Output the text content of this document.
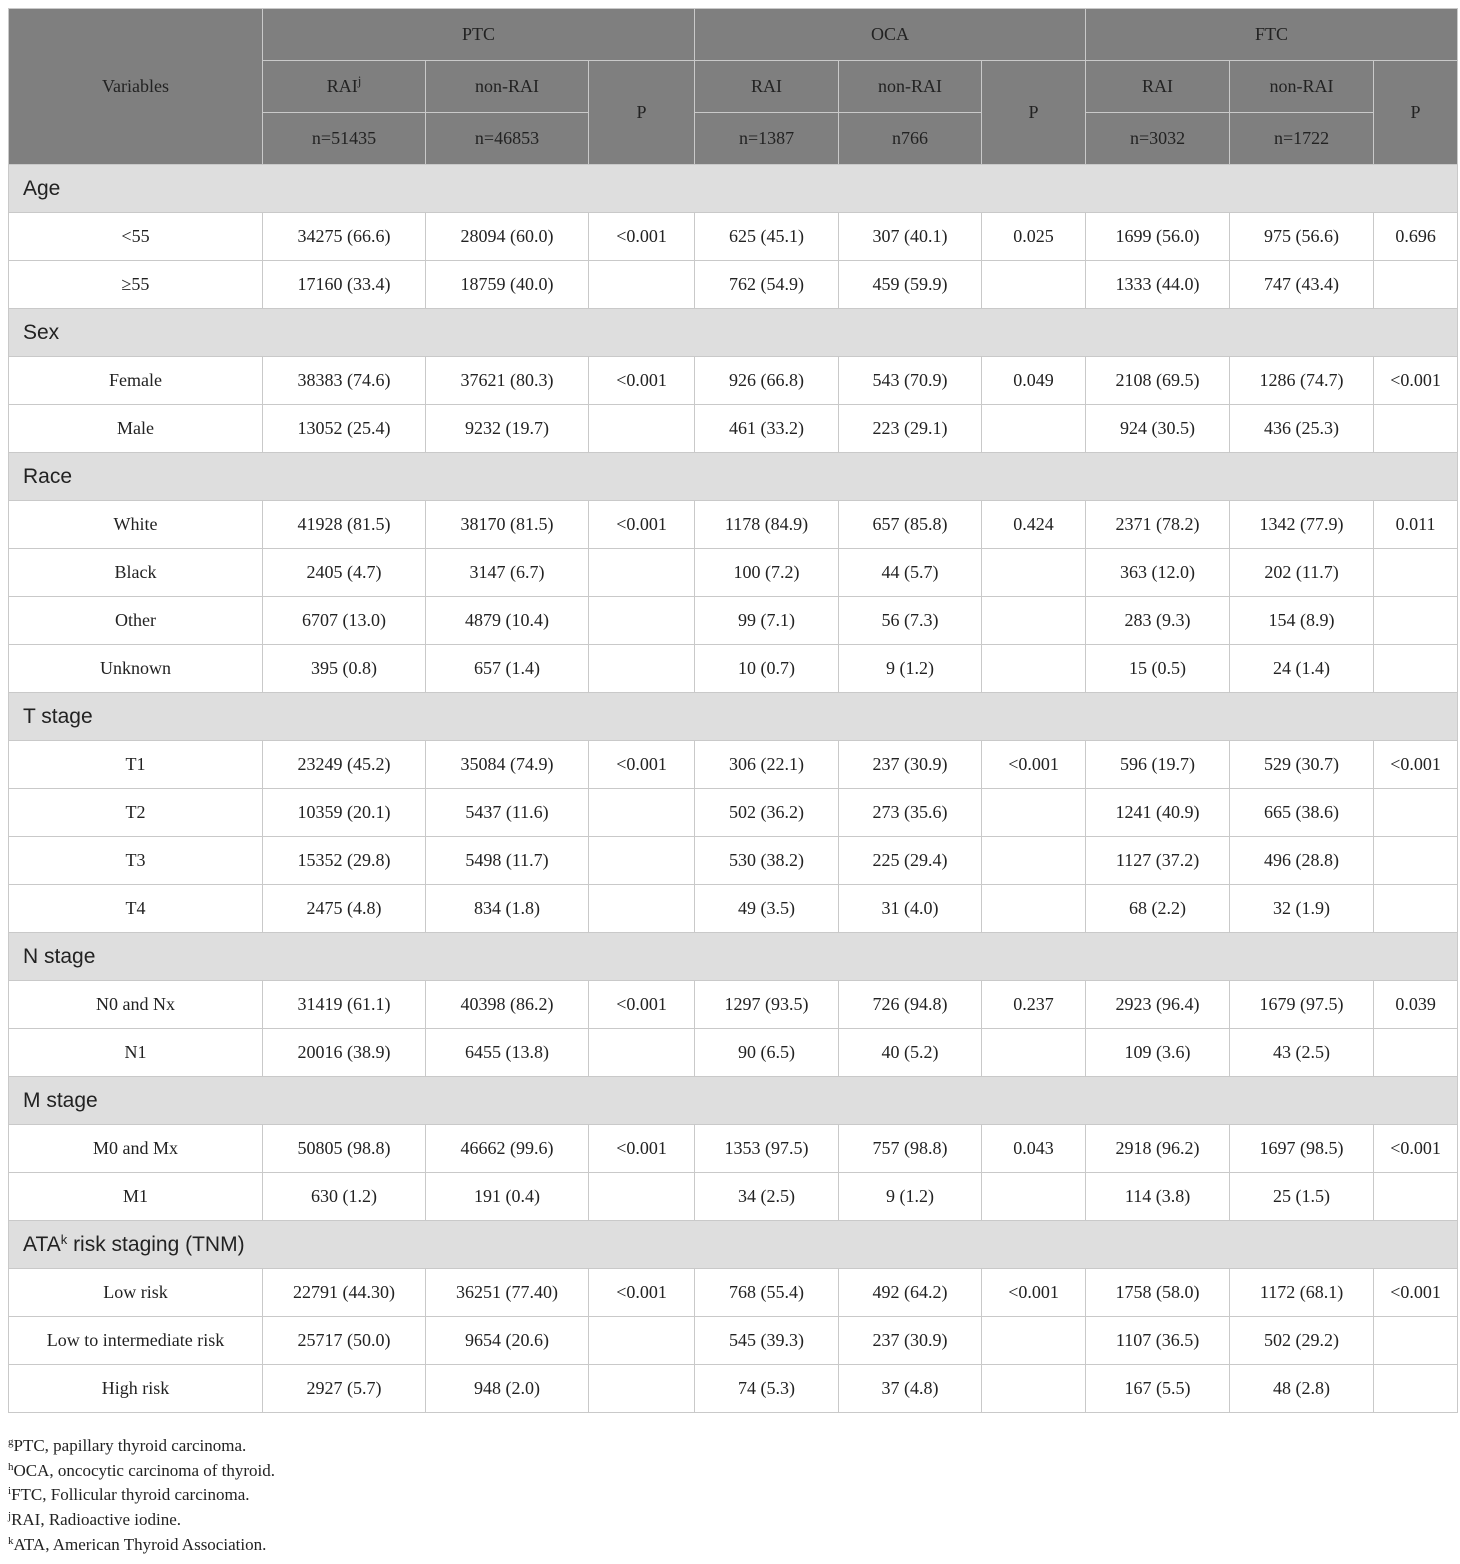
Variables	PTC			OCA			FTC		
	RAI$^j$	non-RAI	P	RAI	non-RAI	P	RAI	non-RAI	P
	n=51435	n=46853		n=1387	n766		n=3032	n=1722	
Age									
<55	34275 (66.6)	28094 (60.0)	<0.001	625 (45.1)	307 (40.1)	0.025	1699 (56.0)	975 (56.6)	0.696
≥55	17160 (33.4)	18759 (40.0)		762 (54.9)	459 (59.9)		1333 (44.0)	747 (43.4)	
Sex									
Female	38383 (74.6)	37621 (80.3)	<0.001	926 (66.8)	543 (70.9)	0.049	2108 (69.5)	1286 (74.7)	<0.001
Male	13052 (25.4)	9232 (19.7)		461 (33.2)	223 (29.1)		924 (30.5)	436 (25.3)	
Race									
White	41928 (81.5)	38170 (81.5)	<0.001	1178 (84.9)	657 (85.8)	0.424	2371 (78.2)	1342 (77.9)	0.011
Black	2405 (4.7)	3147 (6.7)		100 (7.2)	44 (5.7)		363 (12.0)	202 (11.7)	
Other	6707 (13.0)	4879 (10.4)		99 (7.1)	56 (7.3)		283 (9.3)	154 (8.9)	
Unknown	395 (0.8)	657 (1.4)		10 (0.7)	9 (1.2)		15 (0.5)	24 (1.4)	
T stage									
T1	23249 (45.2)	35084 (74.9)	<0.001	306 (22.1)	237 (30.9)	<0.001	596 (19.7)	529 (30.7)	<0.001
T2	10359 (20.1)	5437 (11.6)		502 (36.2)	273 (35.6)		1241 (40.9)	665 (38.6)	
T3	15352 (29.8)	5498 (11.7)		530 (38.2)	225 (29.4)		1127 (37.2)	496 (28.8)	
T4	2475 (4.8)	834 (1.8)		49 (3.5)	31 (4.0)		68 (2.2)	32 (1.9)	
N stage									
N0 and Nx	31419 (61.1)	40398 (86.2)	<0.001	1297 (93.5)	726 (94.8)	0.237	2923 (96.4)	1679 (97.5)	0.039
N1	20016 (38.9)	6455 (13.8)		90 (6.5)	40 (5.2)		109 (3.6)	43 (2.5)	
M stage									
M0 and Mx	50805 (98.8)	46662 (99.6)	<0.001	1353 (97.5)	757 (98.8)	0.043	2918 (96.2)	1697 (98.5)	<0.001
M1	630 (1.2)	191 (0.4)		34 (2.5)	9 (1.2)		114 (3.8)	25 (1.5)	
ATA$^k$ risk staging (TNM)									
Low risk	22791 (44.30)	36251 (77.40)	<0.001	768 (55.4)	492 (64.2)	<0.001	1758 (58.0)	1172 (68.1)	<0.001
Low to intermediate risk	25717 (50.0)	9654 (20.6)		545 (39.3)	237 (30.9)		1107 (36.5)	502 (29.2)	
High risk	2927 (5.7)	948 (2.0)		74 (5.3)	37 (4.8)		167 (5.5)	48 (2.8)	
$^g$PTC, papillary thyroid carcinoma.
$^h$OCA, oncocytic carcinoma of thyroid.
$^i$FTC, Follicular thyroid carcinoma.
$^j$RAI, Radioactive iodine.
$^k$ATA, American Thyroid Association.
